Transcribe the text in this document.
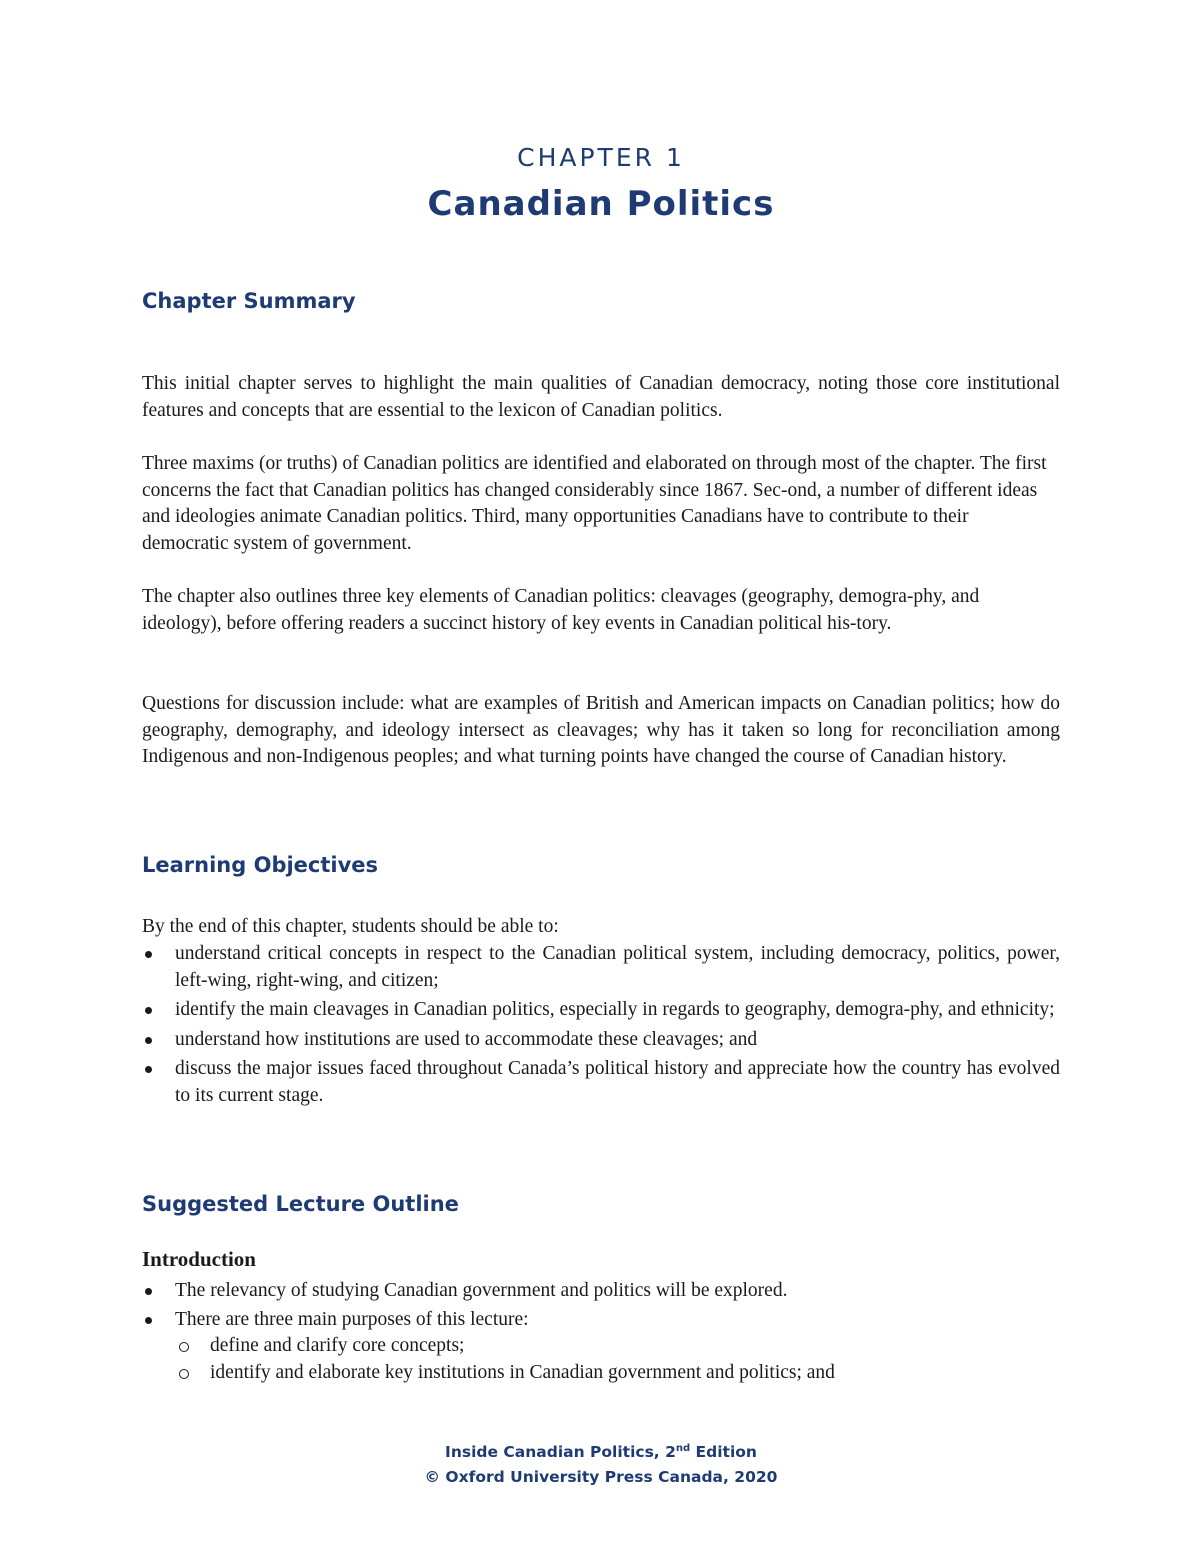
CHAPTER 1
Canadian Politics
Chapter Summary

This initial chapter serves to highlight the main qualities of Canadian democracy, noting those core institutional features and concepts that are essential to the lexicon of Canadian politics.

Three maxims (or truths) of Canadian politics are identified and elaborated on through most of the chapter. The first concerns the fact that Canadian politics has changed considerably since 1867. Sec-ond, a number of different ideas and ideologies animate Canadian politics. Third, many opportunities Canadians have to contribute to their democratic system of government.

The chapter also outlines three key elements of Canadian politics: cleavages (geography, demogra-phy, and ideology), before offering readers a succinct history of key events in Canadian political his-tory.

Questions for discussion include: what are examples of British and American impacts on Canadian politics; how do geography, demography, and ideology intersect as cleavages; why has it taken so long for reconciliation among Indigenous and non-Indigenous peoples; and what turning points have changed the course of Canadian history.

Learning Objectives

By the end of this chapter, students should be able to:

understand critical concepts in respect to the Canadian political system, including democracy, politics, power, left-wing, right-wing, and citizen;
identify the main cleavages in Canadian politics, especially in regards to geography, demogra-phy, and ethnicity;
understand how institutions are used to accommodate these cleavages; and
discuss the major issues faced throughout Canada’s political history and appreciate how the country has evolved to its current stage.
Suggested Lecture Outline
Introduction
The relevancy of studying Canadian government and politics will be explored.
There are three main purposes of this lecture:
define and clarify core concepts;
identify and elaborate key institutions in Canadian government and politics; and
Inside Canadian Politics, 2nd Edition
© Oxford University Press Canada, 2020
